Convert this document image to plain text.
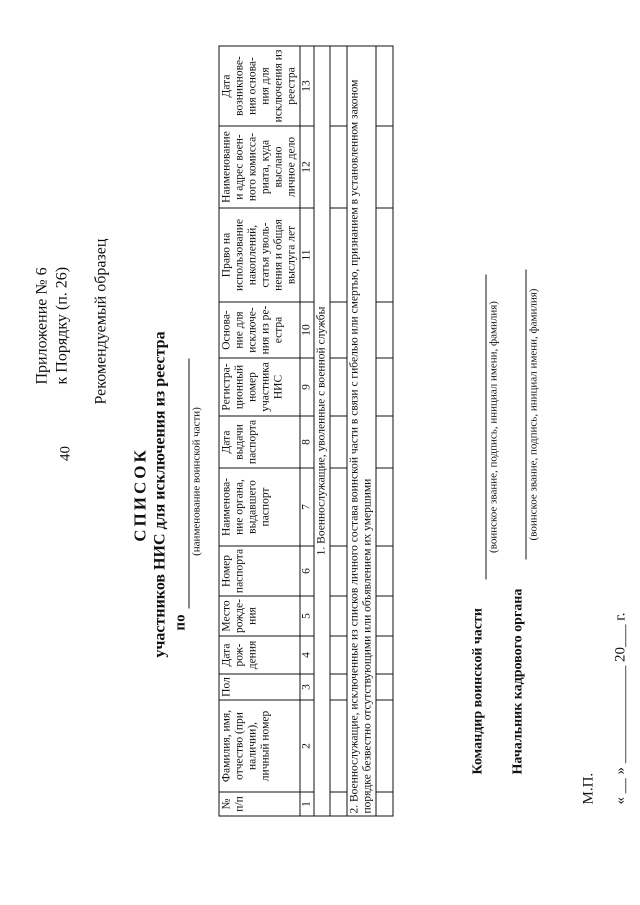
40
Приложение № 6 к Порядку (п. 26) Рекомендуемый образец

СПИСОК участников НИС для исключения из реестра по
(наименование воинской части)
№ п/п	Фамилия, имя, отчество (при наличии), личный номер	Пол	Дата рож-дения	Место рожде-ния	Номер паспорта	Наименова-ние органа, выдавшего паспорт	Дата выдачи паспорта	Регистра-ционный номер участника НИС	Основа-ние для исключе-ния из ре-естра	Право на использование накоплений, статья уволь-нения и общая выслуга лет	Наименование и адрес воен-ного комисса-риата, куда выслано личное дело	Дата возникнове-ния основа-ния для исключения из реестра
1	2	3	4	5	6	7	8	9	10	11	12	13
1. Военнослужащие, уволенные с военной службы												

2. Военнослужащие, исключенные из списков личного состава воинской части в связи с гибелью или смертью, признанием в установленном законом порядке безвестно отсутствующими или объявлением их умершими												
													Командир воинской части
(воинское звание, подпись, инициал имени, фамилия)
Начальник кадрового органа
(воинское звание, подпись, инициал имени, фамилия)
М.П. « __ » _____________ 20___ г.
